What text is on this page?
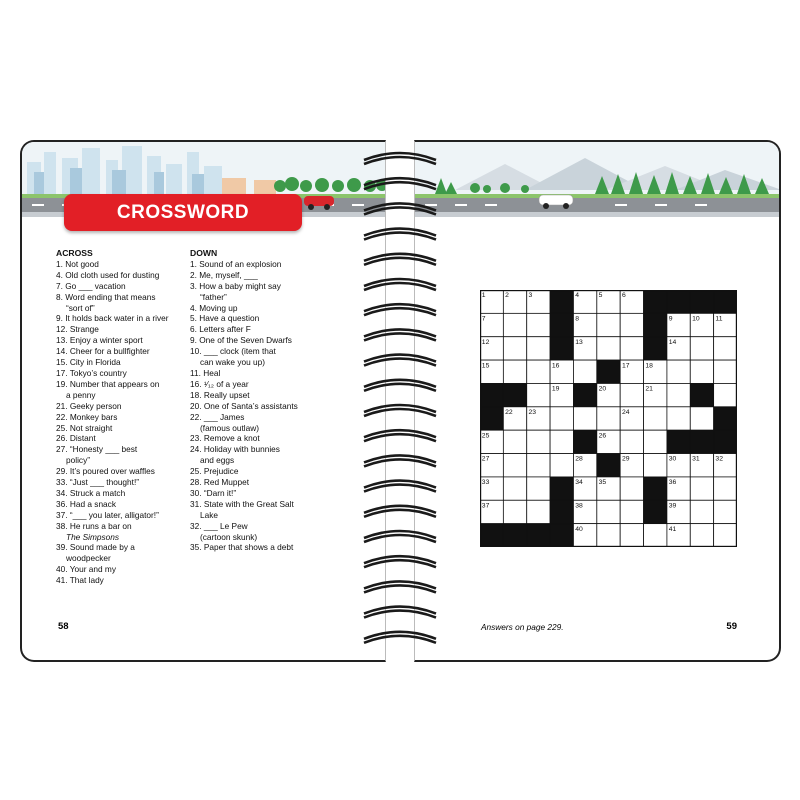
CROSSWORD
ACROSS
1. Not good
4. Old cloth used for dusting
7. Go ___ vacation
8. Word ending that means
“sort of”
9. It holds back water in a river
12. Strange
13. Enjoy a winter sport
14. Cheer for a bullfighter
15. City in Florida
17. Tokyo’s country
19. Number that appears on
a penny
21. Geeky person
22. Monkey bars
25. Not straight
26. Distant
27. “Honesty ___ best
policy”
29. It’s poured over waffles
33. “Just ___ thought!”
34. Struck a match
36. Had a snack
37. “___ you later, alligator!”
38. He runs a bar on
The Simpsons
39. Sound made by a
woodpecker
40. Your and my
41. That lady
DOWN
1. Sound of an explosion
2. Me, myself, ___
3. How a baby might say
“father”
4. Moving up
5. Have a question
6. Letters after F
9. One of the Seven Dwarfs
10. ___ clock (item that
can wake you up)
11. Heal
16. ¹⁄₁₂ of a year
18. Really upset
20. One of Santa’s assistants
22. ___ James
(famous outlaw)
23. Remove a knot
24. Holiday with bunnies
and eggs
25. Prejudice
28. Red Muppet
30. “Darn it!”
31. State with the Great Salt
Lake
32. ___ Le Pew
(cartoon skunk)
35. Paper that shows a debt
58	Answers on page 229.	59
1	2	3	4	5	6
7	8	9	10 11
12	13	14
15	16	17 18
19	20	21
22 23	24
25	26
27	28	29	30 31 32
33	34 35	36
37	38	39
40	41
